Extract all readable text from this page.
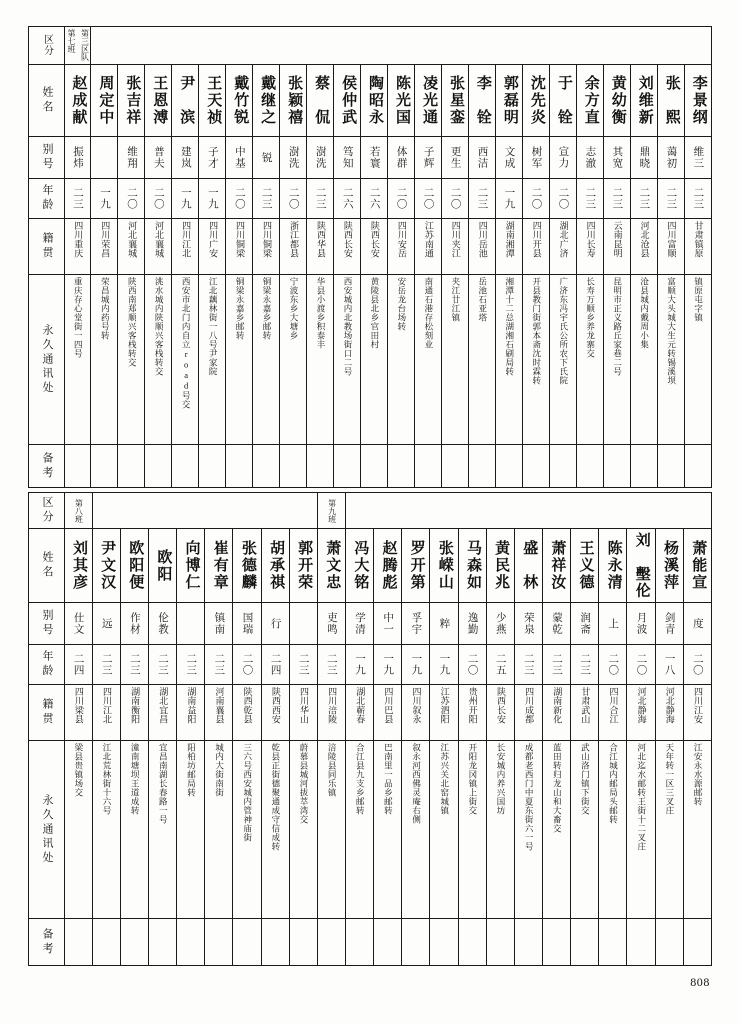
区分	第三区队
第七班																							

姓名	赵成献	周定中	张吉祥	王恩溥	尹　滨	王天祯	戴竹锐	戴继之	张颖禧	蔡　侃	侯仲武	陶昭永	陈光国	凌光通	张星銮	李　铨	郭磊明	沈先炎	于　铨	余方直	黄幼衡	刘维新	张　熙	李景纲

别号	振炜		维翔	普夫	建岚	子才	中基	锐	澍洗	澍洗	笃知	若寰	体群	子辉	更生	西洁	文成	树军	宣力	志澈	其宽	鼎晓	蔼初	维三

年龄	二三	一九	二〇	二〇	一九	一九	二〇	二三	二〇	二三	二六	二六	二〇	二〇	二〇	二三	一九	二〇	二〇	二三	二三	二三	二三	二三

籍贯	四川重庆	四川荣昌	河北襄城	河北襄城	四川江北	四川广安	四川铜梁	四川铜梁	浙江都县	陕西华县	陕西长安	陕西长安	四川安岳	江苏南通	四川夹江	四川岳池	湖南湘潭	四川开县	湖北广济	四川长寿	云南昆明	河北沧县	四川富顺	甘肃镇原

永久通讯处	重庆存心堂街一四号	荣昌城内药号转	陕西南郑顺兴客栈转交	洮水城内陕顺兴客栈转交	西安市北门内自立road号交	江北藕林街一八号尹家院	铜梁永嘉乡邮转	铜梁永嘉乡邮转	宁波东乡大塘乡	华县小渡乡积泰丰	西安城内北教场街口二号	黄陵县北乡官田村	安岳龙台场转	南通石港存松刻业	夹江廿江镇	岳池石亚塔	湘潭十二总湖湘石刷局转	开县教门街郭本斋沈时霖转	广济东冯宇氏公所农下氏院	长寿万顺乡养龙寨交	昆明市正义路丘家巷二号	沧县城内戴周小集	富顺大头城大生元转锡溪坝	镇原屯字镇

备考																								

区分	第八班									第九班													

姓名	刘其彦	尹文汉	欧阳便	欧阳	向博仁	崔有章	张德麟	胡承祺	郭开荣	萧文忠	冯大铭	赵腾彪	罗开第	张嵘山	马森如	黄民兆	盛　林	萧祥汝	王义德	陈永清	刘　墼伦	杨溪萍	萧能宣

别号	仕文	远	作材	伦教		镇南	国瑞	行		吏鸣	学清	中一	孚宇	粹	逸勤	少燕	荣泉	蒙乾	润斋	上	月波	剑青	度

年龄	二四	二三	二三	二三	二三	二三	二〇	二四	二三	二三	一九	一九	一九	一九	二〇	二五	二三	二三	二三	二〇	二〇	一八	二〇

籍贯	四川梁县	四川江北	湖南衡阳	湖北宜昌	湖南益阳	河南襄县	陕西乾县	陕西西安	四川华山	四川涪陵	湖北蕲春	四川巴县	四川叙永	江苏泗阳	贵州开阳	陕西长安	四川成都	湖南新化	甘肃武山	四川合江	河北静海	河北静海	四川江安

永久通讯处	梁县贵镇场交	江北荒林街十六号	潼南塘坝王道成转	宜昌南湖长春路一号	阳柏坊邮局转	城内大街南街	三六号西安城内管神庙街	乾县正街德聚通成守信成转	蔚慕县城河拔萃湾交	涪陵县同乐镇	合江县九支乡邮转	巴南里一品乡邮转	叙永河西佛灵庵右侧	江苏兴关北窑城镇	开阳龙冈镇上街交	长安城内养兴国坊	成都老西门中夏东街六一号	蓝田转归龙山和大畜交	武山洛门镇下街交	合江城内邮局头邮转	河北迄水邮转王街十二叉庄	天年转一区三叉庄	江安永水源邮转

备考																							

808
